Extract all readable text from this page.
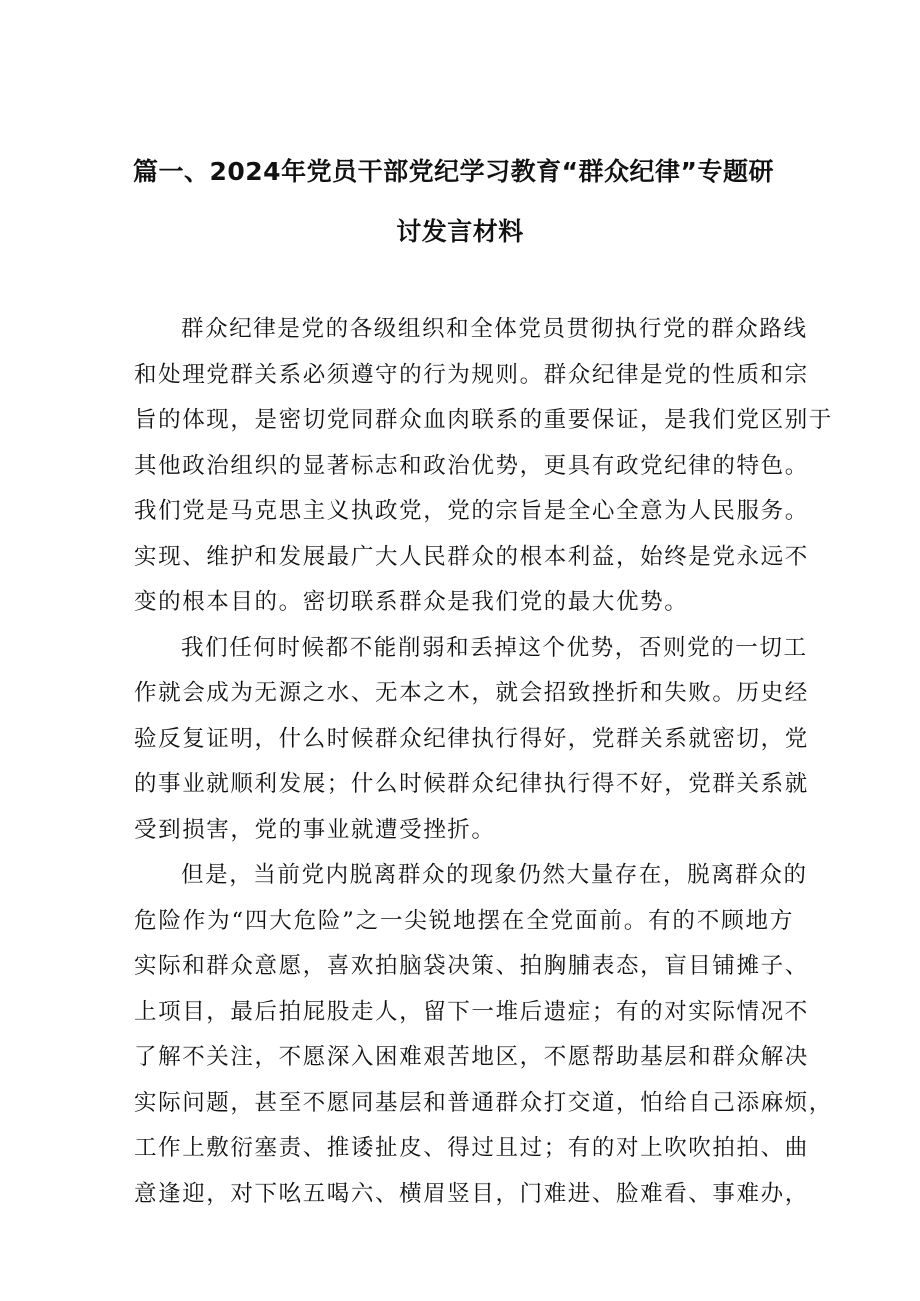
篇一、2024年党员干部党纪学习教育“群众纪律”专题研
讨发言材料
群众纪律是党的各级组织和全体党员贯彻执行党的群众路线
和处理党群关系必须遵守的行为规则。群众纪律是党的性质和宗
旨的体现，是密切党同群众血肉联系的重要保证，是我们党区别于
其他政治组织的显著标志和政治优势，更具有政党纪律的特色。
我们党是马克思主义执政党，党的宗旨是全心全意为人民服务。
实现、维护和发展最广大人民群众的根本利益，始终是党永远不
变的根本目的。密切联系群众是我们党的最大优势。
我们任何时候都不能削弱和丢掉这个优势，否则党的一切工
作就会成为无源之水、无本之木，就会招致挫折和失败。历史经
验反复证明，什么时候群众纪律执行得好，党群关系就密切，党
的事业就顺利发展；什么时候群众纪律执行得不好，党群关系就
受到损害，党的事业就遭受挫折。
但是，当前党内脱离群众的现象仍然大量存在，脱离群众的
危险作为“四大危险”之一尖锐地摆在全党面前。有的不顾地方
实际和群众意愿，喜欢拍脑袋决策、拍胸脯表态，盲目铺摊子、
上项目，最后拍屁股走人，留下一堆后遗症；有的对实际情况不
了解不关注，不愿深入困难艰苦地区，不愿帮助基层和群众解决
实际问题，甚至不愿同基层和普通群众打交道，怕给自己添麻烦，
工作上敷衍塞责、推诿扯皮、得过且过；有的对上吹吹拍拍、曲
意逢迎，对下吆五喝六、横眉竖目，门难进、脸难看、事难办，
